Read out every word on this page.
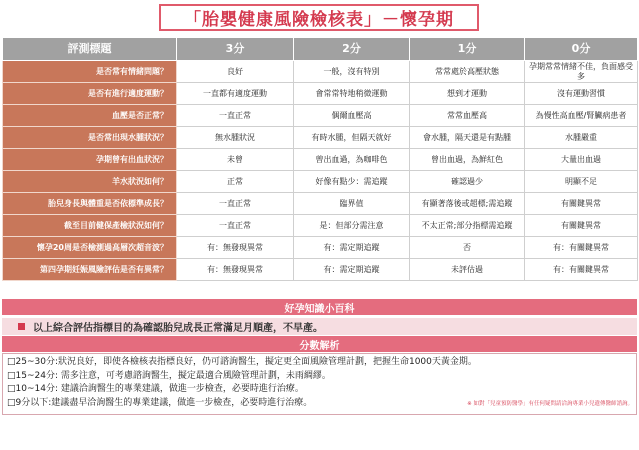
「胎嬰健康風險檢核表」－懷孕期
評測標題	3分	2分	1分	0分
是否常有情緒問題？	良好	一般，沒有特別	常常處於高壓狀態	孕期常常情緒不佳，負面感受多
是否有進行適度運動？	一直都有適度運動	會常常特地稍微運動	想到才運動	沒有運動習慣
血壓是否正常？	一直正常	偶爾血壓高	常常血壓高	為慢性高血壓/腎臟病患者
是否常出現水腫狀況？	無水腫狀況	有時水腫，但隔天就好	會水腫，隔天還是有點腫	水腫嚴重
孕期曾有出血狀況？	未曾	曾出血過，為咖啡色	曾出血過，為鮮紅色	大量出血過
羊水狀況如何？	正常	好像有點少：需追蹤	確認過少	明顯不足
胎兒身長與體重是否依標準成長？	一直正常	臨界值	有顯著落後或超標;需追蹤	有關鍵異常
截至目前健保產檢狀況如何？	一直正常	是：但部分需注意	不太正常;部分指標需追蹤	有關鍵異常
懷孕20周是否檢測過高層次超音波？	有：無發現異常	有：需定期追蹤	否	有：有關鍵異常
第四孕期妊娠風險評估是否有異常？	有：無發現異常	有：需定期追蹤	未評估過	有：有關鍵異常
好孕知識小百科
以上綜合評估指標目的為確認胎兒成長正常滿足月順產，不早產。
分數解析
□25~30分:狀況良好，即使各檢核表指標良好，仍可諮詢醫生，擬定更全面風險管理計劃，把握生命1000天黃金期。
□15~24分: 需多注意，可考慮諮詢醫生，擬定最適合風險管理計劃，未雨綢繆。
□10~14分: 建議洽詢醫生的專業建議，做進一步檢查，必要時進行治療。
□9分以下:建議盡早洽詢醫生的專業建議，做進一步檢查，必要時進行治療。	※ 如對「兒童預防醫學」有任何疑問請洽詢專業小兒遺傳醫師諮詢。
